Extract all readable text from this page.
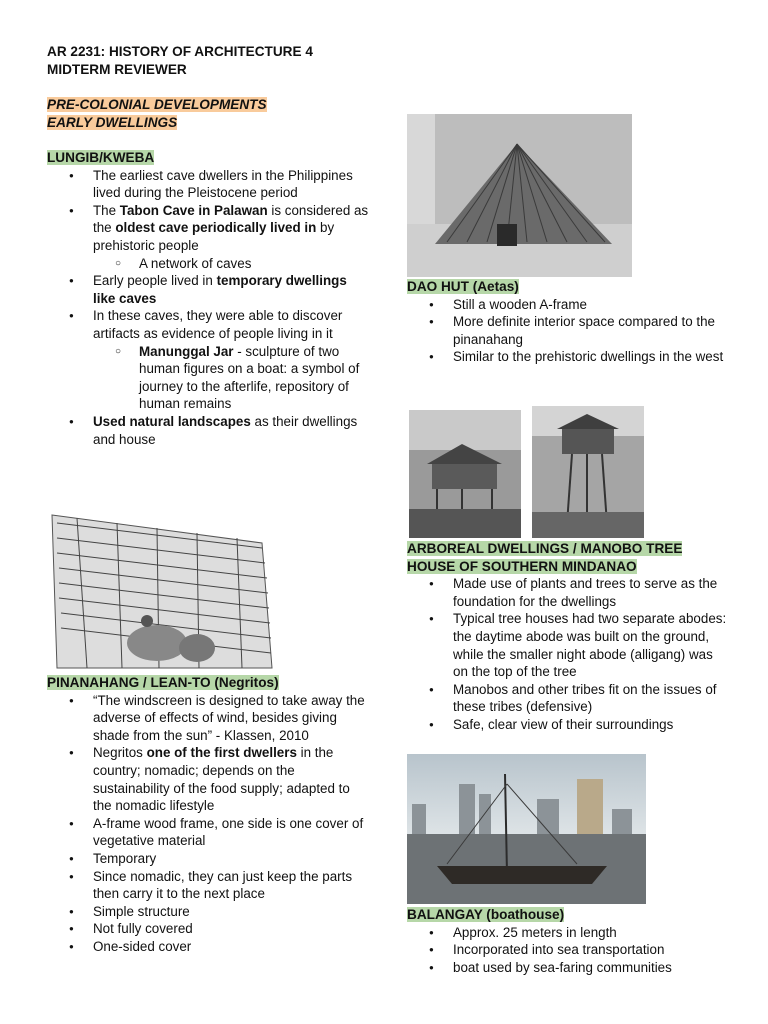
AR 2231: HISTORY OF ARCHITECTURE 4
MIDTERM REVIEWER
PRE-COLONIAL DEVELOPMENTS
EARLY DWELLINGS
LUNGIB/KWEBA
● The earliest cave dwellers in the Philippines lived during the Pleistocene period
● The Tabon Cave in Palawan is considered as the oldest cave periodically lived in by prehistoric people
○ A network of caves
● Early people lived in temporary dwellings like caves
● In these caves, they were able to discover artifacts as evidence of people living in it
○ Manunggal Jar - sculpture of two human figures on a boat: a symbol of journey to the afterlife, repository of human remains
● Used natural landscapes as their dwellings and house
PINANAHANG / LEAN-TO (Negritos)
● “The windscreen is designed to take away the adverse of effects of wind, besides giving shade from the sun” - Klassen, 2010
● Negritos one of the first dwellers in the country; nomadic; depends on the sustainability of the food supply; adapted to the nomadic lifestyle
● A-frame wood frame, one side is one cover of vegetative material
● Temporary
● Since nomadic, they can just keep the parts then carry it to the next place
● Simple structure
● Not fully covered
● One-sided cover
DAO HUT (Aetas)
● Still a wooden A-frame
● More definite interior space compared to the pinanahang
● Similar to the prehistoric dwellings in the west
ARBOREAL DWELLINGS / MANOBO TREE
HOUSE OF SOUTHERN MINDANAO
● Made use of plants and trees to serve as the foundation for the dwellings
● Typical tree houses had two separate abodes: the daytime abode was built on the ground, while the smaller night abode (alligang) was on the top of the tree
● Manobos and other tribes fit on the issues of these tribes (defensive)
● Safe, clear view of their surroundings
BALANGAY (boathouse)
● Approx. 25 meters in length
● Incorporated into sea transportation
● boat used by sea-faring communities
